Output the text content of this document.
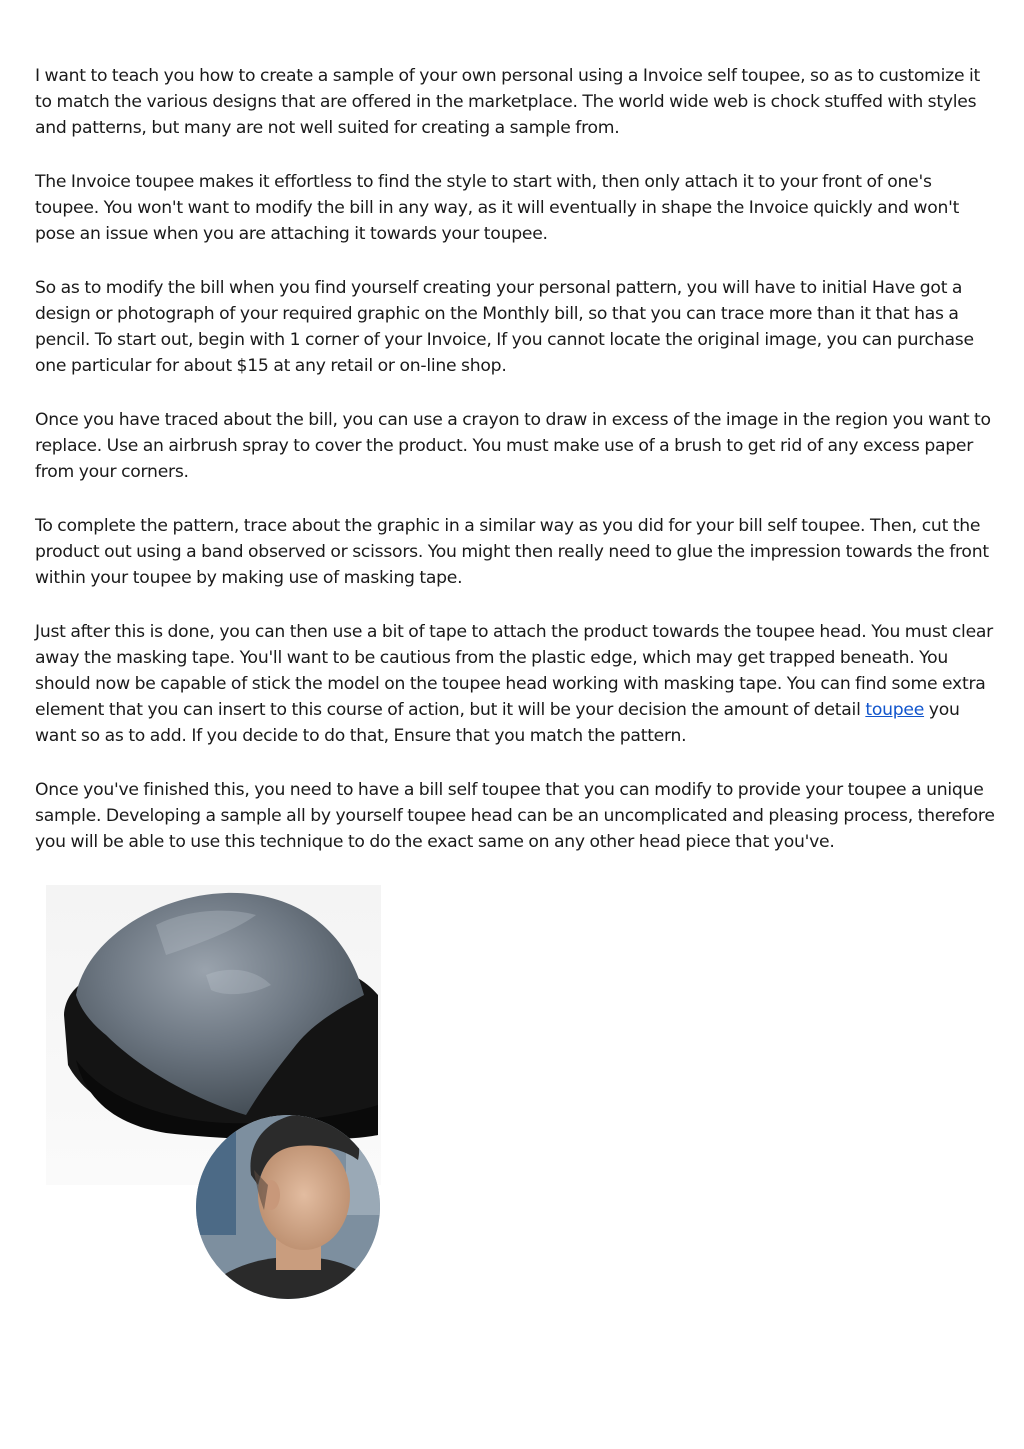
I want to teach you how to create a sample of your own personal using a Invoice self toupee, so as to customize it to match the various designs that are offered in the marketplace. The world wide web is chock stuffed with styles and patterns, but many are not well suited for creating a sample from.

The Invoice toupee makes it effortless to find the style to start with, then only attach it to your front of one's toupee. You won't want to modify the bill in any way, as it will eventually in shape the Invoice quickly and won't pose an issue when you are attaching it towards your toupee.

So as to modify the bill when you find yourself creating your personal pattern, you will have to initial Have got a design or photograph of your required graphic on the Monthly bill, so that you can trace more than it that has a pencil. To start out, begin with 1 corner of your Invoice, If you cannot locate the original image, you can purchase one particular for about $15 at any retail or on-line shop.

Once you have traced about the bill, you can use a crayon to draw in excess of the image in the region you want to replace. Use an airbrush spray to cover the product. You must make use of a brush to get rid of any excess paper from your corners.

To complete the pattern, trace about the graphic in a similar way as you did for your bill self toupee. Then, cut the product out using a band observed or scissors. You might then really need to glue the impression towards the front within your toupee by making use of masking tape.

Just after this is done, you can then use a bit of tape to attach the product towards the toupee head. You must clear away the masking tape. You'll want to be cautious from the plastic edge, which may get trapped beneath. You should now be capable of stick the model on the toupee head working with masking tape. You can find some extra element that you can insert to this course of action, but it will be your decision the amount of detail toupee you want so as to add. If you decide to do that, Ensure that you match the pattern.

Once you've finished this, you need to have a bill self toupee that you can modify to provide your toupee a unique sample. Developing a sample all by yourself toupee head can be an uncomplicated and pleasing process, therefore you will be able to use this technique to do the exact same on any other head piece that you've.
